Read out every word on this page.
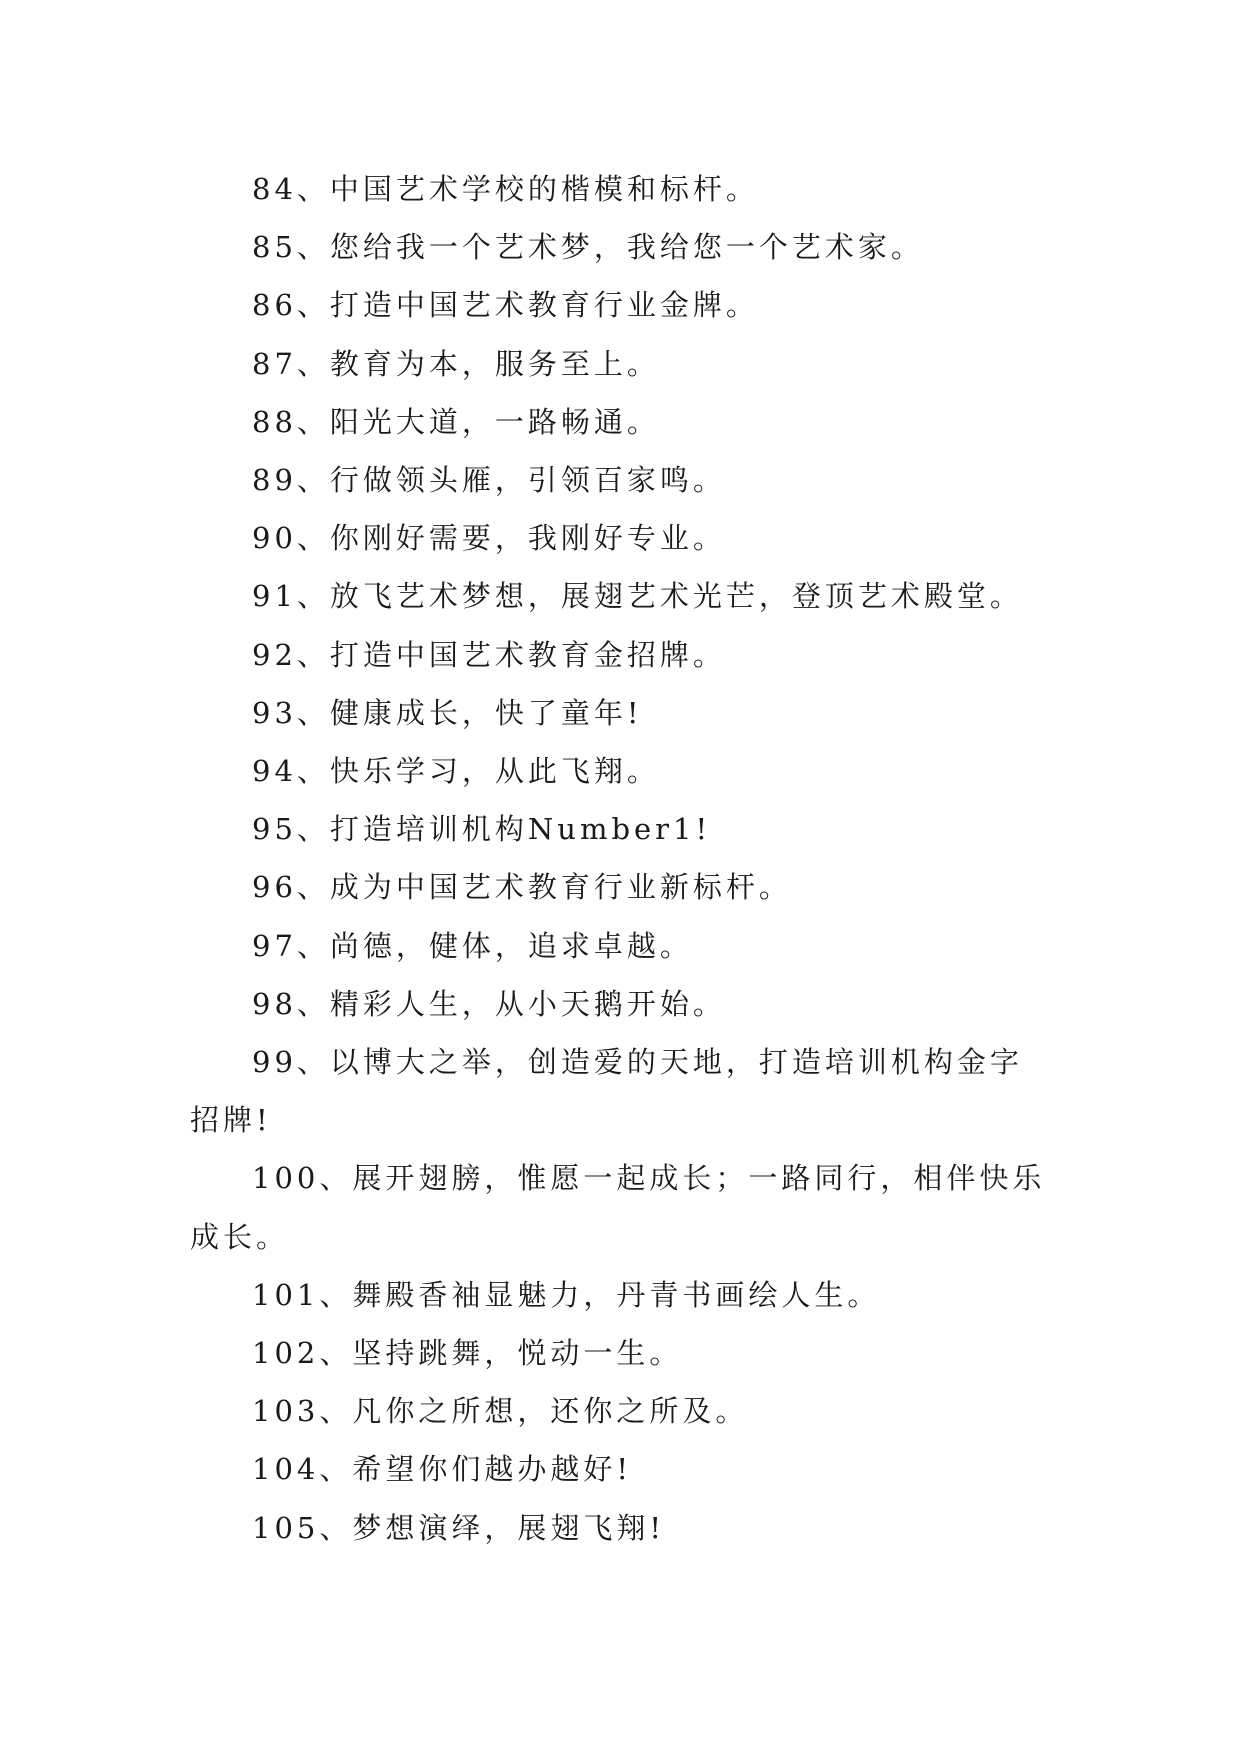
84、中国艺术学校的楷模和标杆。

85、您给我一个艺术梦，我给您一个艺术家。

86、打造中国艺术教育行业金牌。

87、教育为本，服务至上。

88、阳光大道，一路畅通。

89、行做领头雁，引领百家鸣。

90、你刚好需要，我刚好专业。

91、放飞艺术梦想，展翅艺术光芒，登顶艺术殿堂。

92、打造中国艺术教育金招牌。

93、健康成长，快了童年!

94、快乐学习，从此飞翔。

95、打造培训机构Number1!

96、成为中国艺术教育行业新标杆。

97、尚德，健体，追求卓越。

98、精彩人生，从小天鹅开始。

99、以博大之举，创造爱的天地，打造培训机构金字招牌!

100、展开翅膀，惟愿一起成长；一路同行，相伴快乐成长。

101、舞殿香袖显魅力，丹青书画绘人生。

102、坚持跳舞，悦动一生。

103、凡你之所想，还你之所及。

104、希望你们越办越好!

105、梦想演绎，展翅飞翔!
